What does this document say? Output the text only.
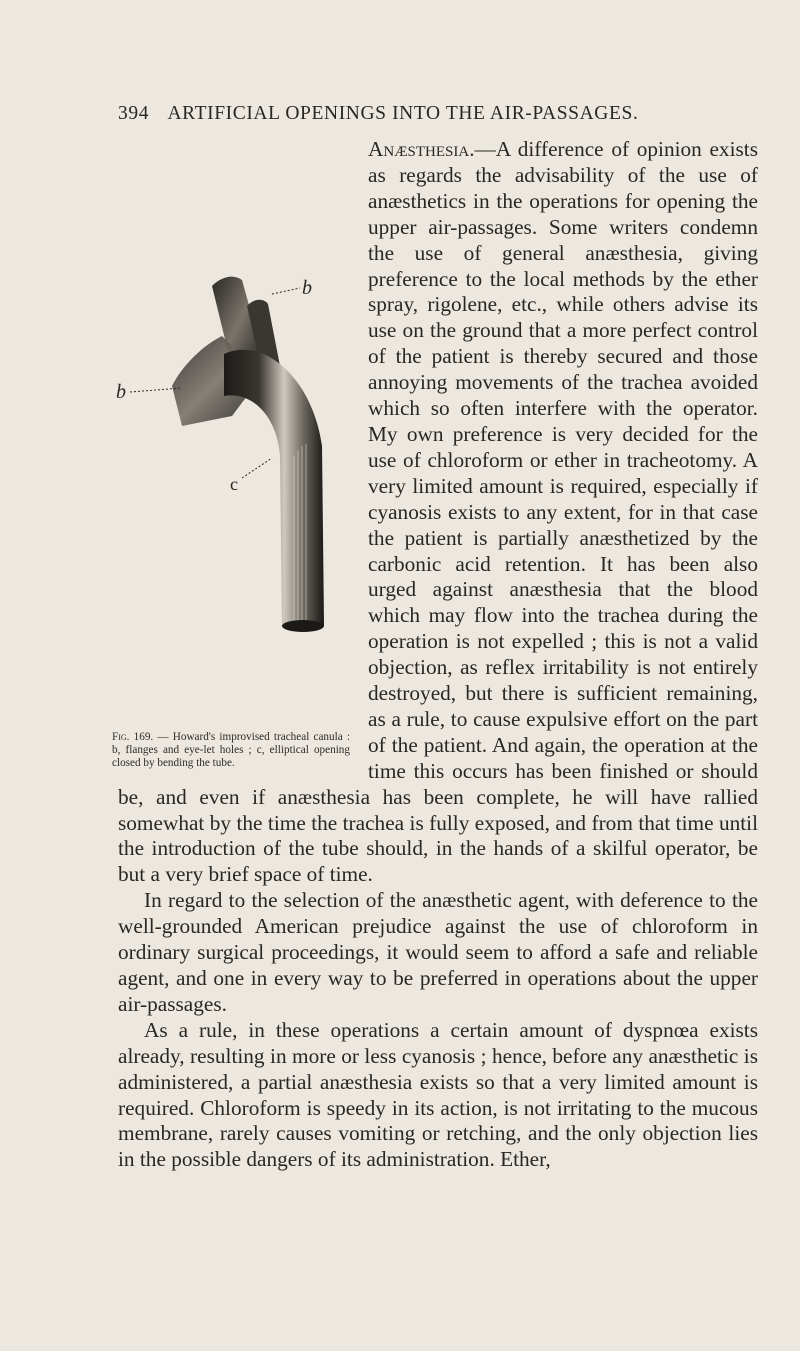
394 ARTIFICIAL OPENINGS INTO THE AIR-PASSAGES.

Anæsthesia.—A difference of opinion exists as regards the advisability of the use of anæsthetics in the operations for opening the upper air-passages. Some writers condemn the use of general anæsthesia, giving preference to the local methods by the ether spray, rigolene, etc., while others advise its use on the ground that a more perfect control of the patient is thereby secured and those annoying movements of the trachea avoided which so often interfere with the operator. My own preference is very decided for the use of chloroform or ether in tracheotomy. A very limited amount is required, especially if cyanosis exists to any extent, for in that case the patient is partially anæsthetized by the carbonic acid retention. It has been also urged against anæsthesia that the blood which may flow into the trachea during the operation is not expelled ; this is not a valid objection, as reflex irritability is not entirely destroyed, but there is sufficient remaining, as a rule, to cause expulsive effort on the part of the patient. And again, the operation at the time this occurs has been finished or should be, and even if anæsthesia has been complete, he will have rallied somewhat by the time the trachea is fully exposed, and from that time until the introduction of the tube should, in the hands of a skilful operator, be but a very brief space of time.

In regard to the selection of the anæsthetic agent, with deference to the well-grounded American prejudice against the use of chloroform in ordinary surgical proceedings, it would seem to afford a safe and reliable agent, and one in every way to be preferred in operations about the upper air-passages.

As a rule, in these operations a certain amount of dyspnœa exists already, resulting in more or less cyanosis ; hence, before any anæsthetic is administered, a partial anæsthesia exists so that a very limited amount is required. Chloroform is speedy in its action, is not irritating to the mucous membrane, rarely causes vomiting or retching, and the only objection lies in the possible dangers of its administration. Ether,

b
b
c
Fig. 169. — Howard's improvised tracheal canula : b, flanges and eye-let holes ; c, elliptical opening closed by bending the tube.
